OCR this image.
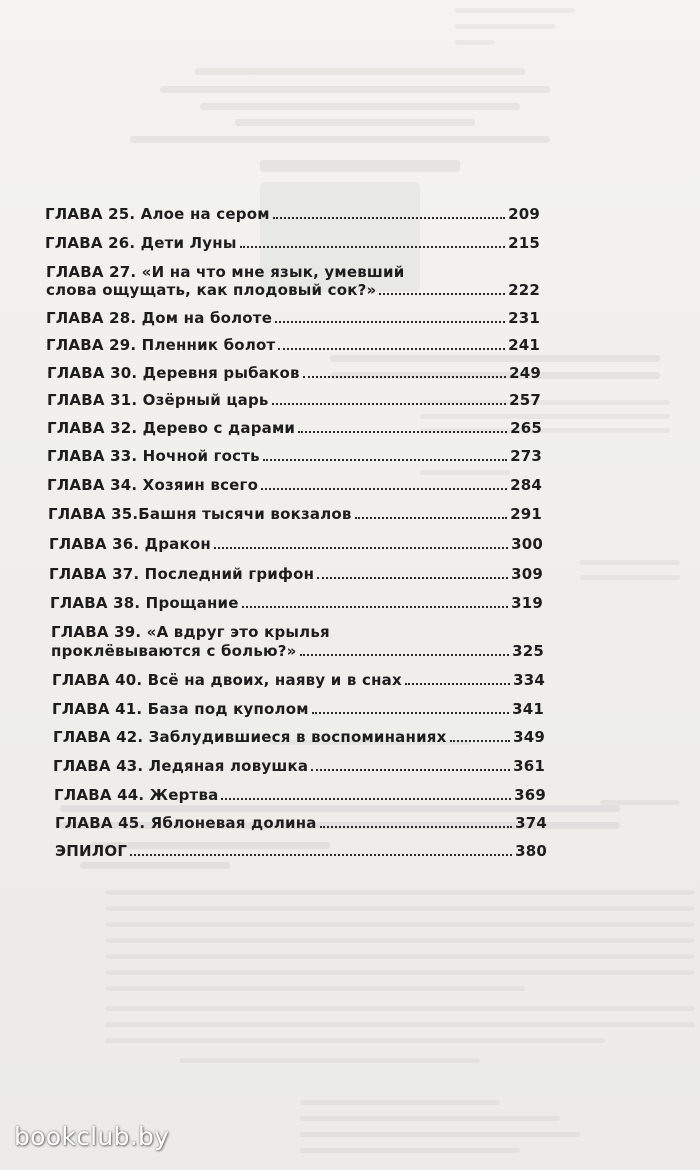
ГЛАВА 25. Алое на сером	209
ГЛАВА 26. Дети Луны	215
ГЛАВА 27. «И на что мне язык, умевший
слова ощущать, как плодовый сок?»	222
ГЛАВА 28. Дом на болоте	231
ГЛАВА 29. Пленник болот	241
ГЛАВА 30. Деревня рыбаков	249
ГЛАВА 31. Озёрный царь	257
ГЛАВА 32. Дерево с дарами	265
ГЛАВА 33. Ночной гость	273
ГЛАВА 34. Хозяин всего	284
ГЛАВА 35.Башня тысячи вокзалов	291
ГЛАВА 36. Дракон	300
ГЛАВА 37. Последний грифон	309
ГЛАВА 38. Прощание	319
ГЛАВА 39. «А вдруг это крылья
проклёвываются с болью?»	325
ГЛАВА 40. Всё на двоих, наяву и в снах	334
ГЛАВА 41. База под куполом	341
ГЛАВА 42. Заблудившиеся в воспоминаниях	349
ГЛАВА 43. Ледяная ловушка	361
ГЛАВА 44. Жертва	369
ГЛАВА 45. Яблоневая долина	374
ЭПИЛОГ	380
bookclub.by
